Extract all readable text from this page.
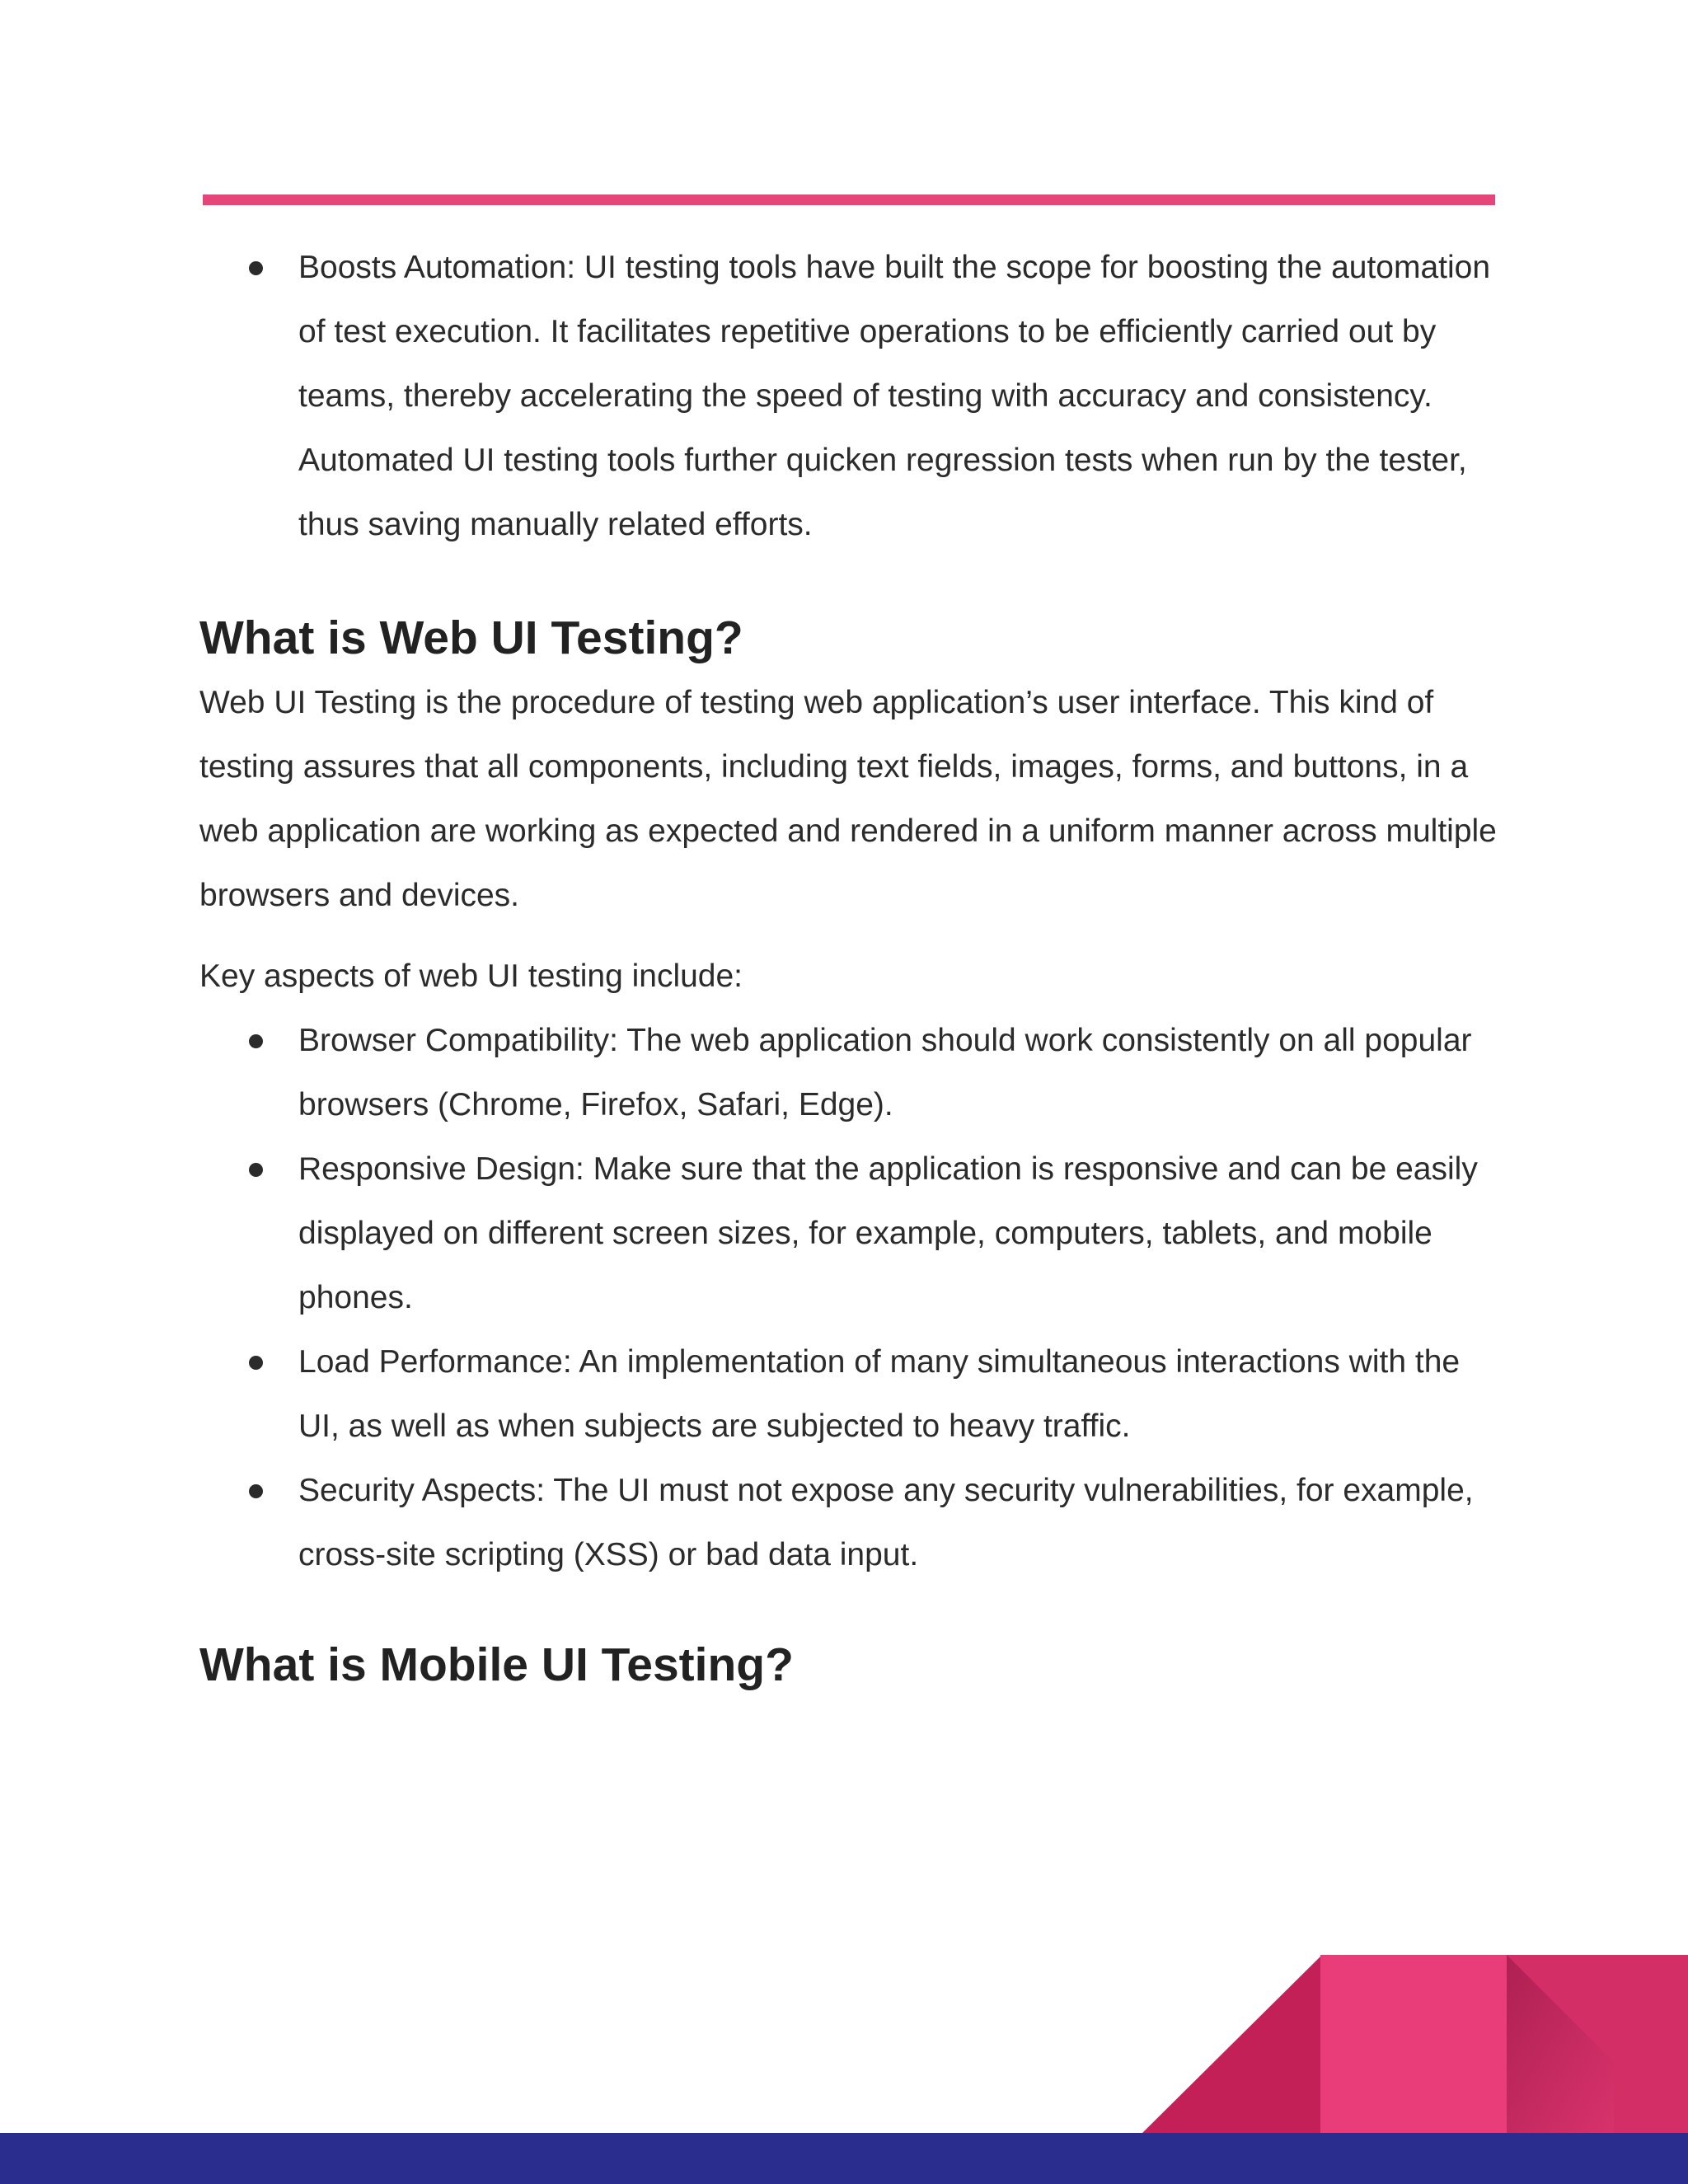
Boosts Automation: UI testing tools have built the scope for boosting the automation of test execution. It facilitates repetitive operations to be efficiently carried out by teams, thereby accelerating the speed of testing with accuracy and consistency. Automated UI testing tools further quicken regression tests when run by the tester, thus saving manually related efforts.
What is Web UI Testing?

Web UI Testing is the procedure of testing web application’s user interface. This kind of testing assures that all components, including text fields, images, forms, and buttons, in a web application are working as expected and rendered in a uniform manner across multiple browsers and devices.

Key aspects of web UI testing include:

Browser Compatibility: The web application should work consistently on all popular browsers (Chrome, Firefox, Safari, Edge).
Responsive Design: Make sure that the application is responsive and can be easily displayed on different screen sizes, for example, computers, tablets, and mobile phones.
Load Performance: An implementation of many simultaneous interactions with the UI, as well as when subjects are subjected to heavy traffic.
Security Aspects: The UI must not expose any security vulnerabilities, for example, cross-site scripting (XSS) or bad data input.
What is Mobile UI Testing?
